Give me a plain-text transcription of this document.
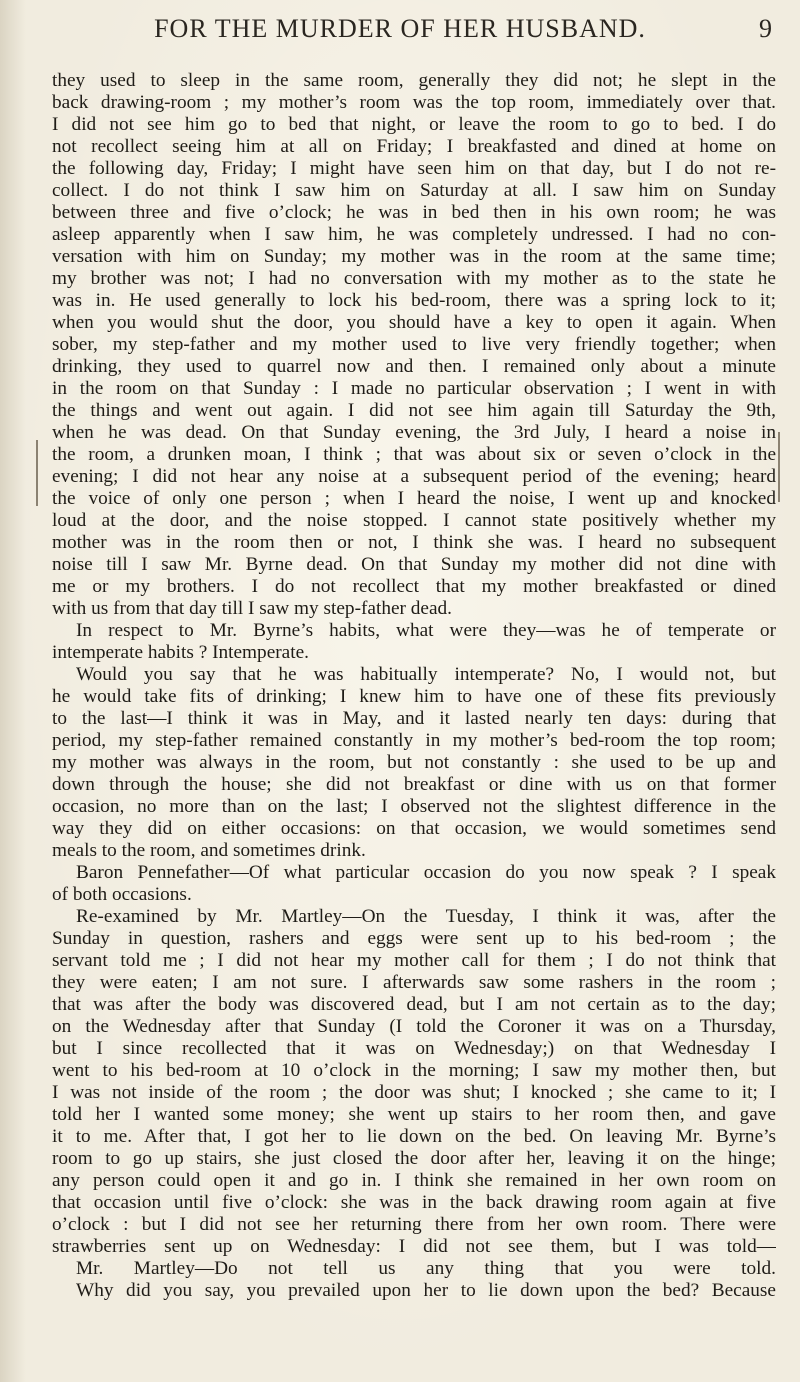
FOR THE MURDER OF HER HUSBAND.	9
they used to sleep in the same room, generally they did not; he slept in the
back drawing-room ; my mother’s room was the top room, immediately over that.
I did not see him go to bed that night, or leave the room to go to bed. I do
not recollect seeing him at all on Friday; I breakfasted and dined at home on
the following day, Friday; I might have seen him on that day, but I do not re-
collect. I do not think I saw him on Saturday at all. I saw him on Sunday
between three and five o’clock; he was in bed then in his own room; he was
asleep apparently when I saw him, he was completely undressed. I had no con-
versation with him on Sunday; my mother was in the room at the same time;
my brother was not; I had no conversation with my mother as to the state he
was in. He used generally to lock his bed-room, there was a spring lock to it;
when you would shut the door, you should have a key to open it again. When
sober, my step-father and my mother used to live very friendly together; when
drinking, they used to quarrel now and then. I remained only about a minute
in the room on that Sunday : I made no particular observation ; I went in with
the things and went out again. I did not see him again till Saturday the 9th,
when he was dead. On that Sunday evening, the 3rd July, I heard a noise in
the room, a drunken moan, I think ; that was about six or seven o’clock in the
evening; I did not hear any noise at a subsequent period of the evening; heard
the voice of only one person ; when I heard the noise, I went up and knocked
loud at the door, and the noise stopped. I cannot state positively whether my
mother was in the room then or not, I think she was. I heard no subsequent
noise till I saw Mr. Byrne dead. On that Sunday my mother did not dine with
me or my brothers. I do not recollect that my mother breakfasted or dined
with us from that day till I saw my step-father dead.
In respect to Mr. Byrne’s habits, what were they—was he of temperate or
intemperate habits ? Intemperate.
Would you say that he was habitually intemperate? No, I would not, but
he would take fits of drinking; I knew him to have one of these fits previously
to the last—I think it was in May, and it lasted nearly ten days: during that
period, my step-father remained constantly in my mother’s bed-room the top room;
my mother was always in the room, but not constantly : she used to be up and
down through the house; she did not breakfast or dine with us on that former
occasion, no more than on the last; I observed not the slightest difference in the
way they did on either occasions: on that occasion, we would sometimes send
meals to the room, and sometimes drink.
Baron Pennefather—Of what particular occasion do you now speak ? I speak
of both occasions.
Re-examined by Mr. Martley—On the Tuesday, I think it was, after the
Sunday in question, rashers and eggs were sent up to his bed-room ; the
servant told me ; I did not hear my mother call for them ; I do not think that
they were eaten; I am not sure. I afterwards saw some rashers in the room ;
that was after the body was discovered dead, but I am not certain as to the day;
on the Wednesday after that Sunday (I told the Coroner it was on a Thursday,
but I since recollected that it was on Wednesday;) on that Wednesday I
went to his bed-room at 10 o’clock in the morning; I saw my mother then, but
I was not inside of the room ; the door was shut; I knocked ; she came to it; I
told her I wanted some money; she went up stairs to her room then, and gave
it to me. After that, I got her to lie down on the bed. On leaving Mr. Byrne’s
room to go up stairs, she just closed the door after her, leaving it on the hinge;
any person could open it and go in. I think she remained in her own room on
that occasion until five o’clock: she was in the back drawing room again at five
o’clock : but I did not see her returning there from her own room. There were
strawberries sent up on Wednesday: I did not see them, but I was told—
Mr. Martley—Do not tell us any thing that you were told.
Why did you say, you prevailed upon her to lie down upon the bed? Because
